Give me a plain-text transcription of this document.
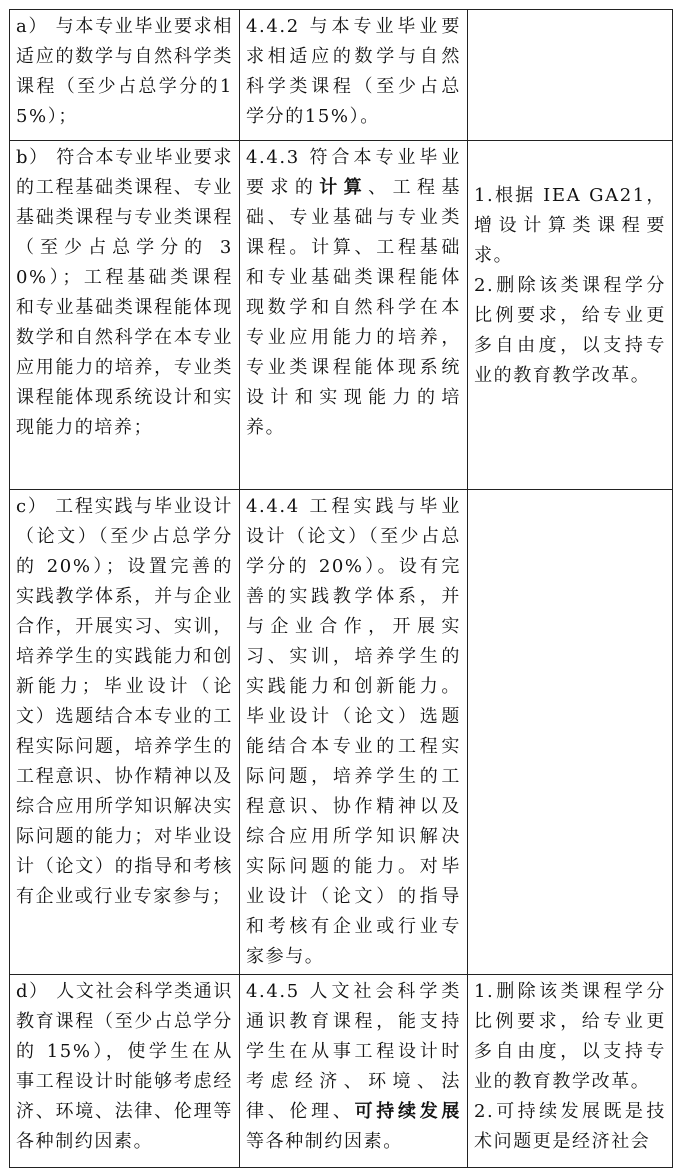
a） 与本专业毕业要求相适应的数学与自然科学类课程（至少占总学分的15%）；	4.4.2 与本专业毕业要求相适应的数学与自然科学类课程（至少占总学分的15%）。	

b） 符合本专业毕业要求的工程基础类课程、专业基础类课程与专业类课程（至少占总学分的 30%）；工程基础类课程和专业基础类课程能体现数学和自然科学在本专业应用能力的培养，专业类课程能体现系统设计和实现能力的培养；	4.4.3 符合本专业毕业要求的计算、工程基础、专业基础与专业类课程。计算、工程基础和专业基础类课程能体现数学和自然科学在本专业应用能力的培养，专业类课程能体现系统设计和实现能力的培养。	1.根据 IEA GA21，增设计算类课程要求。
2.删除该类课程学分比例要求，给专业更多自由度，以支持专业的教育教学改革。

c） 工程实践与毕业设计（论文）（至少占总学分的 20%）；设置完善的实践教学体系，并与企业合作，开展实习、实训，培养学生的实践能力和创新能力；毕业设计（论文）选题结合本专业的工程实际问题，培养学生的工程意识、协作精神以及综合应用所学知识解决实际问题的能力；对毕业设计（论文）的指导和考核有企业或行业专家参与；	4.4.4 工程实践与毕业设计（论文）（至少占总学分的 20%）。设有完善的实践教学体系，并与企业合作，开展实习、实训，培养学生的实践能力和创新能力。毕业设计（论文）选题能结合本专业的工程实际问题，培养学生的工程意识、协作精神以及综合应用所学知识解决实际问题的能力。对毕业设计（论文）的指导和考核有企业或行业专家参与。	

d） 人文社会科学类通识教育课程（至少占总学分的 15%），使学生在从事工程设计时能够考虑经济、环境、法律、伦理等各种制约因素。	4.4.5 人文社会科学类通识教育课程，能支持学生在从事工程设计时考虑经济、环境、法律、伦理、可持续发展等各种制约因素。	1.删除该类课程学分比例要求，给专业更多自由度，以支持专业的教育教学改革。
2.可持续发展既是技术问题更是经济社会
